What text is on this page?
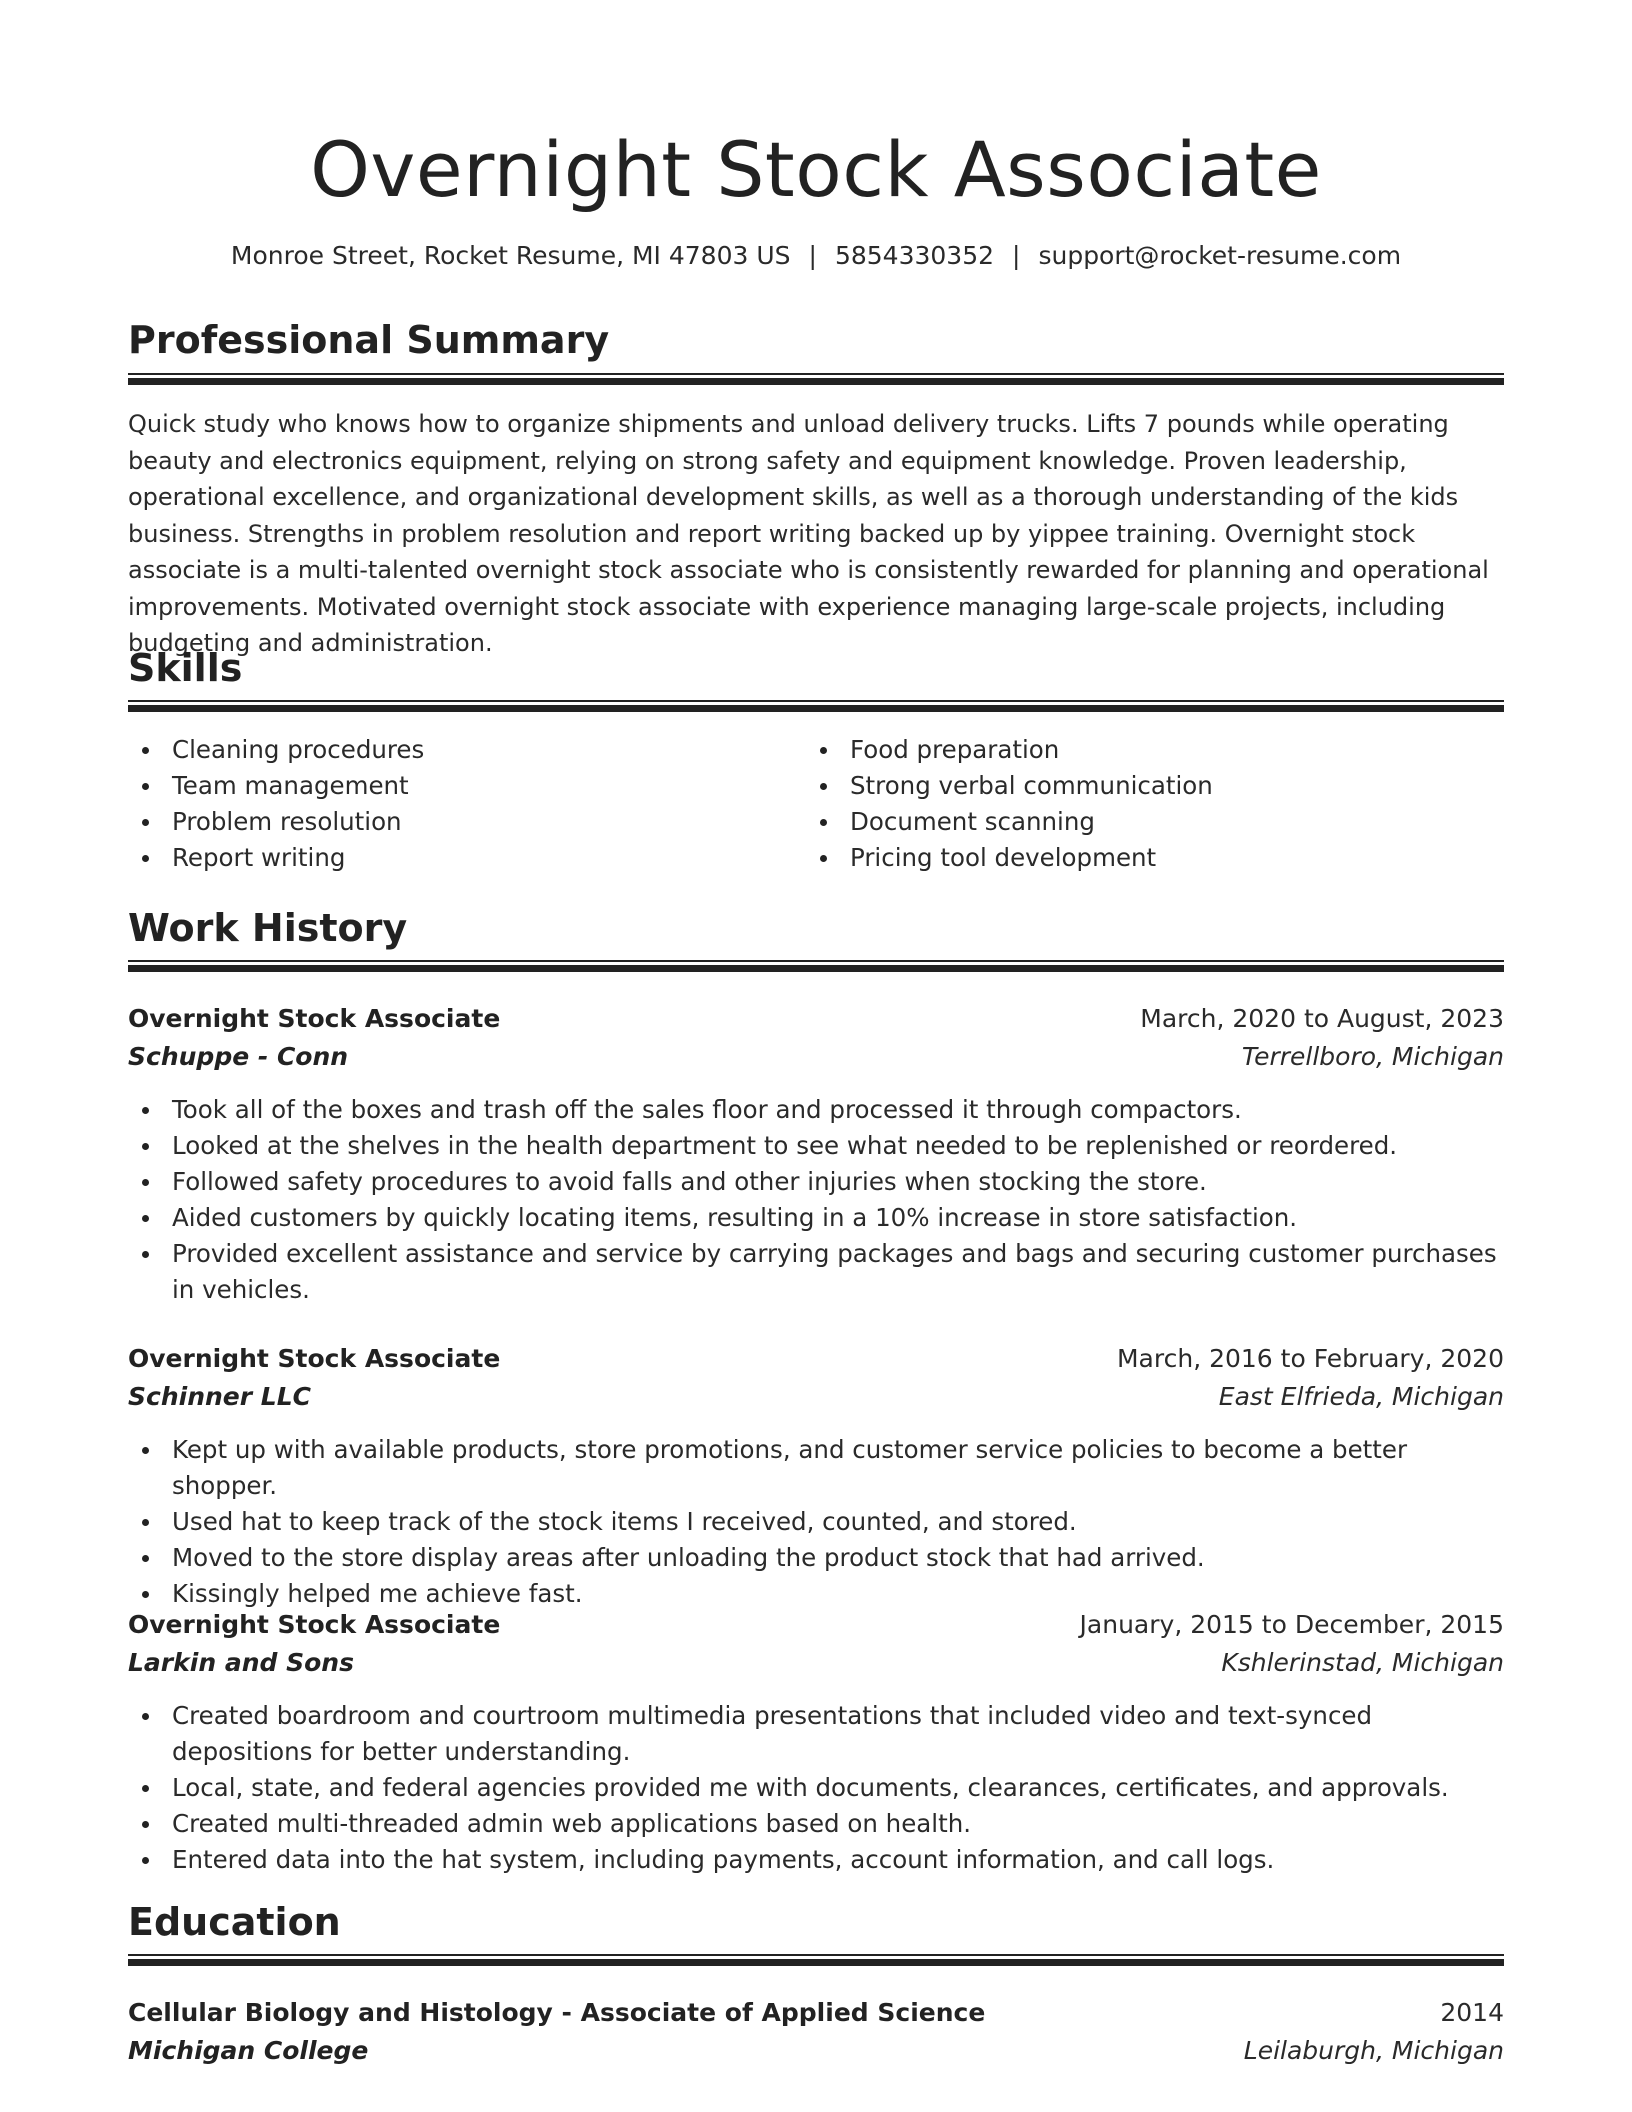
Overnight Stock Associate
Monroe Street, Rocket Resume, MI 47803 US | 5854330352 | support@rocket-resume.com
Professional Summary

Quick study who knows how to organize shipments and unload delivery trucks. Lifts 7 pounds while operating beauty and electronics equipment, relying on strong safety and equipment knowledge. Proven leadership, operational excellence, and organizational development skills, as well as a thorough understanding of the kids business. Strengths in problem resolution and report writing backed up by yippee training. Overnight stock associate is a multi-talented overnight stock associate who is consistently rewarded for planning and operational improvements. Motivated overnight stock associate with experience managing large-scale projects, including budgeting and administration.

Skills
Cleaning procedures
Team management
Problem resolution
Report writing
Food preparation
Strong verbal communication
Document scanning
Pricing tool development
Work History
Overnight Stock Associate	March, 2020 to August, 2023
Schuppe - Conn	Terrellboro, Michigan
Took all of the boxes and trash off the sales floor and processed it through compactors.
Looked at the shelves in the health department to see what needed to be replenished or reordered.
Followed safety procedures to avoid falls and other injuries when stocking the store.
Aided customers by quickly locating items, resulting in a 10% increase in store satisfaction.
Provided excellent assistance and service by carrying packages and bags and securing customer purchases in vehicles.
Overnight Stock Associate	March, 2016 to February, 2020
Schinner LLC	East Elfrieda, Michigan
Kept up with available products, store promotions, and customer service policies to become a better shopper.
Used hat to keep track of the stock items I received, counted, and stored.
Moved to the store display areas after unloading the product stock that had arrived.
Kissingly helped me achieve fast.
Overnight Stock Associate	January, 2015 to December, 2015
Larkin and Sons	Kshlerinstad, Michigan
Created boardroom and courtroom multimedia presentations that included video and text-synced depositions for better understanding.
Local, state, and federal agencies provided me with documents, clearances, certificates, and approvals.
Created multi-threaded admin web applications based on health.
Entered data into the hat system, including payments, account information, and call logs.
Education
Cellular Biology and Histology - Associate of Applied Science	2014
Michigan College	Leilaburgh, Michigan
